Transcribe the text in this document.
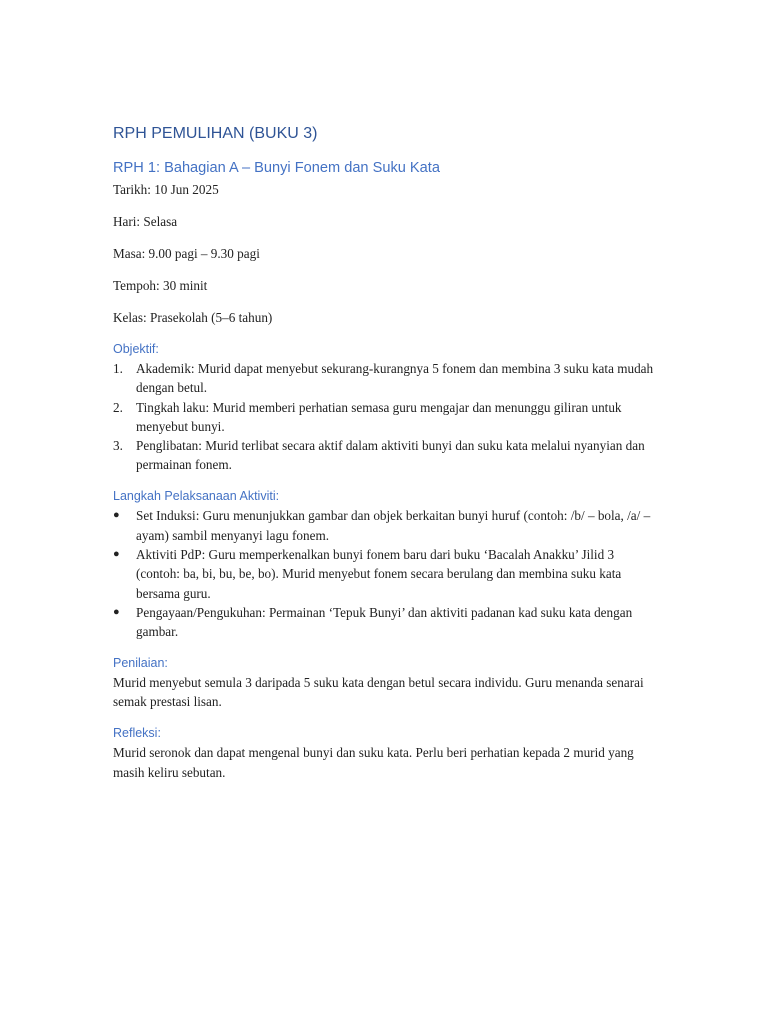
RPH PEMULIHAN (BUKU 3)
RPH 1: Bahagian A – Bunyi Fonem dan Suku Kata
Tarikh: 10 Jun 2025
Hari: Selasa
Masa: 9.00 pagi – 9.30 pagi
Tempoh: 30 minit
Kelas: Prasekolah (5–6 tahun)
Objektif:
1. Akademik: Murid dapat menyebut sekurang-kurangnya 5 fonem dan membina 3 suku kata mudah dengan betul.
2. Tingkah laku: Murid memberi perhatian semasa guru mengajar dan menunggu giliran untuk menyebut bunyi.
3. Penglibatan: Murid terlibat secara aktif dalam aktiviti bunyi dan suku kata melalui nyanyian dan permainan fonem.
Langkah Pelaksanaan Aktiviti:
● Set Induksi: Guru menunjukkan gambar dan objek berkaitan bunyi huruf (contoh: /b/ – bola, /a/ – ayam) sambil menyanyi lagu fonem.
● Aktiviti PdP: Guru memperkenalkan bunyi fonem baru dari buku ‘Bacalah Anakku’ Jilid 3 (contoh: ba, bi, bu, be, bo). Murid menyebut fonem secara berulang dan membina suku kata bersama guru.
● Pengayaan/Pengukuhan: Permainan ‘Tepuk Bunyi’ dan aktiviti padanan kad suku kata dengan gambar.
Penilaian:
Murid menyebut semula 3 daripada 5 suku kata dengan betul secara individu. Guru menanda senarai semak prestasi lisan.
Refleksi:
Murid seronok dan dapat mengenal bunyi dan suku kata. Perlu beri perhatian kepada 2 murid yang masih keliru sebutan.
